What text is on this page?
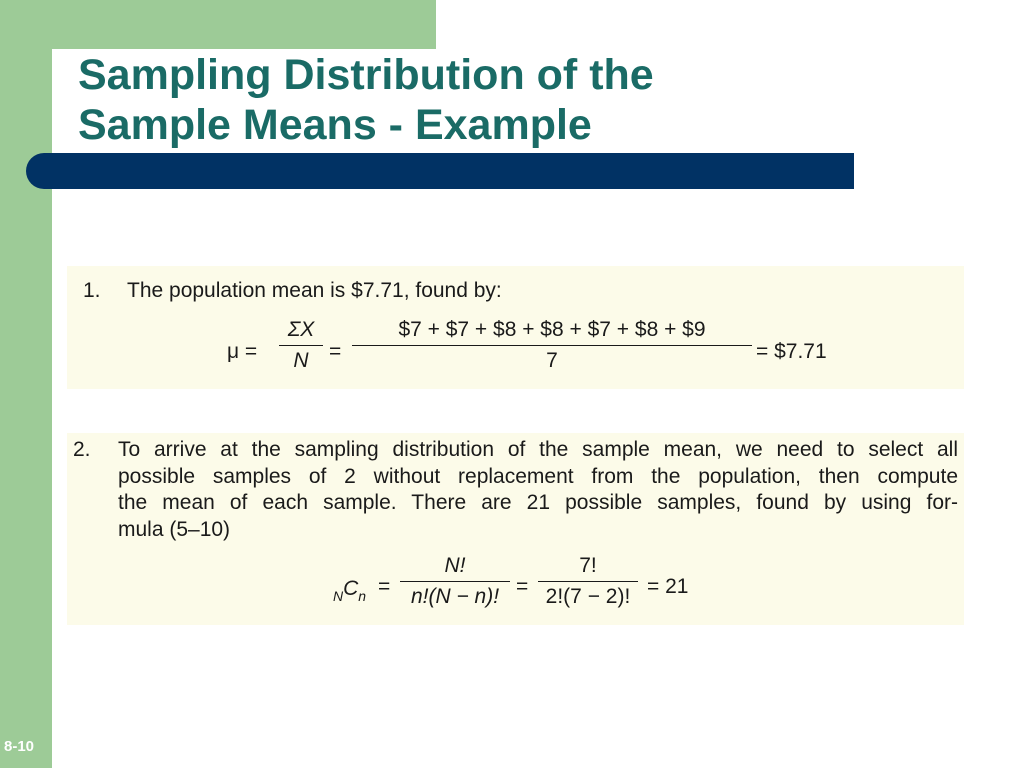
Sampling Distribution of the
Sample Means - Example
1. The population mean is $7.71, found by:
$\mu = \frac{\Sigma X}{N} = \frac{\$7 + \$7 + \$8 + \$8 + \$7 + \$8 + \$9}{7}$ = $7.71
2. To arrive at the sampling distribution of the sample mean, we need to select all
possible samples of 2 without replacement from the population, then compute
the mean of each sample. There are 21 possible samples, found by using for-
mula (5–10)
$_NC_n = \frac{N!}{n!(N - n)!} = \frac{7!}{2!(7 - 2)!} = 21$
8-10
